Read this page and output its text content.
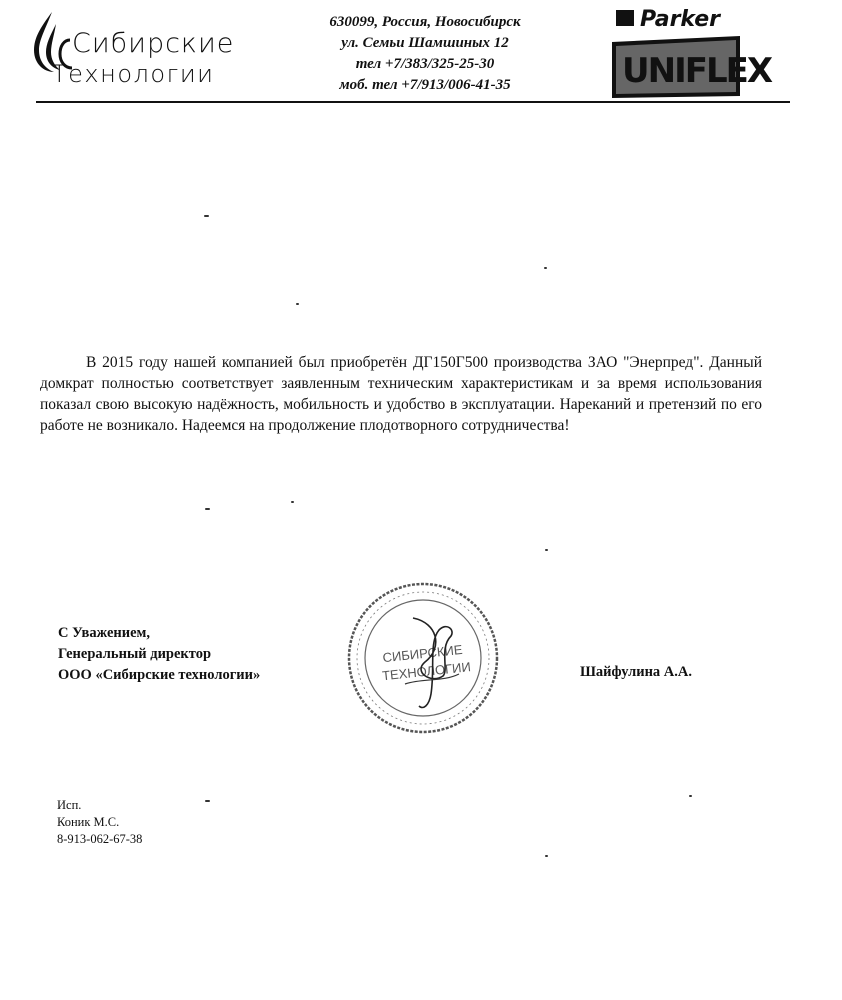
Сибирские
Технологии
630099, Россия, Новосибирск
ул. Семьи Шамшиных 12
тел +7/383/325-25-30
моб. тел +7/913/006-41-35
Parker
UNIFLEX
В 2015 году нашей компанией был приобретён ДГ150Г500 производства ЗАО "Энерпред". Данный домкрат полностью соответствует заявленным техническим характеристикам и за время использования показал свою высокую надёжность, мобильность и удобство в эксплуатации. Нареканий и претензий по его работе не возникало. Надеемся на продолжение плодотворного сотрудничества!
С Уважением,
Генеральный директор
ООО «Сибирские технологии»
СИБИРСКИЕ
ТЕХНОЛОГИИ	Шайфулина А.А.
Исп.
Коник М.С.
8-913-062-67-38
